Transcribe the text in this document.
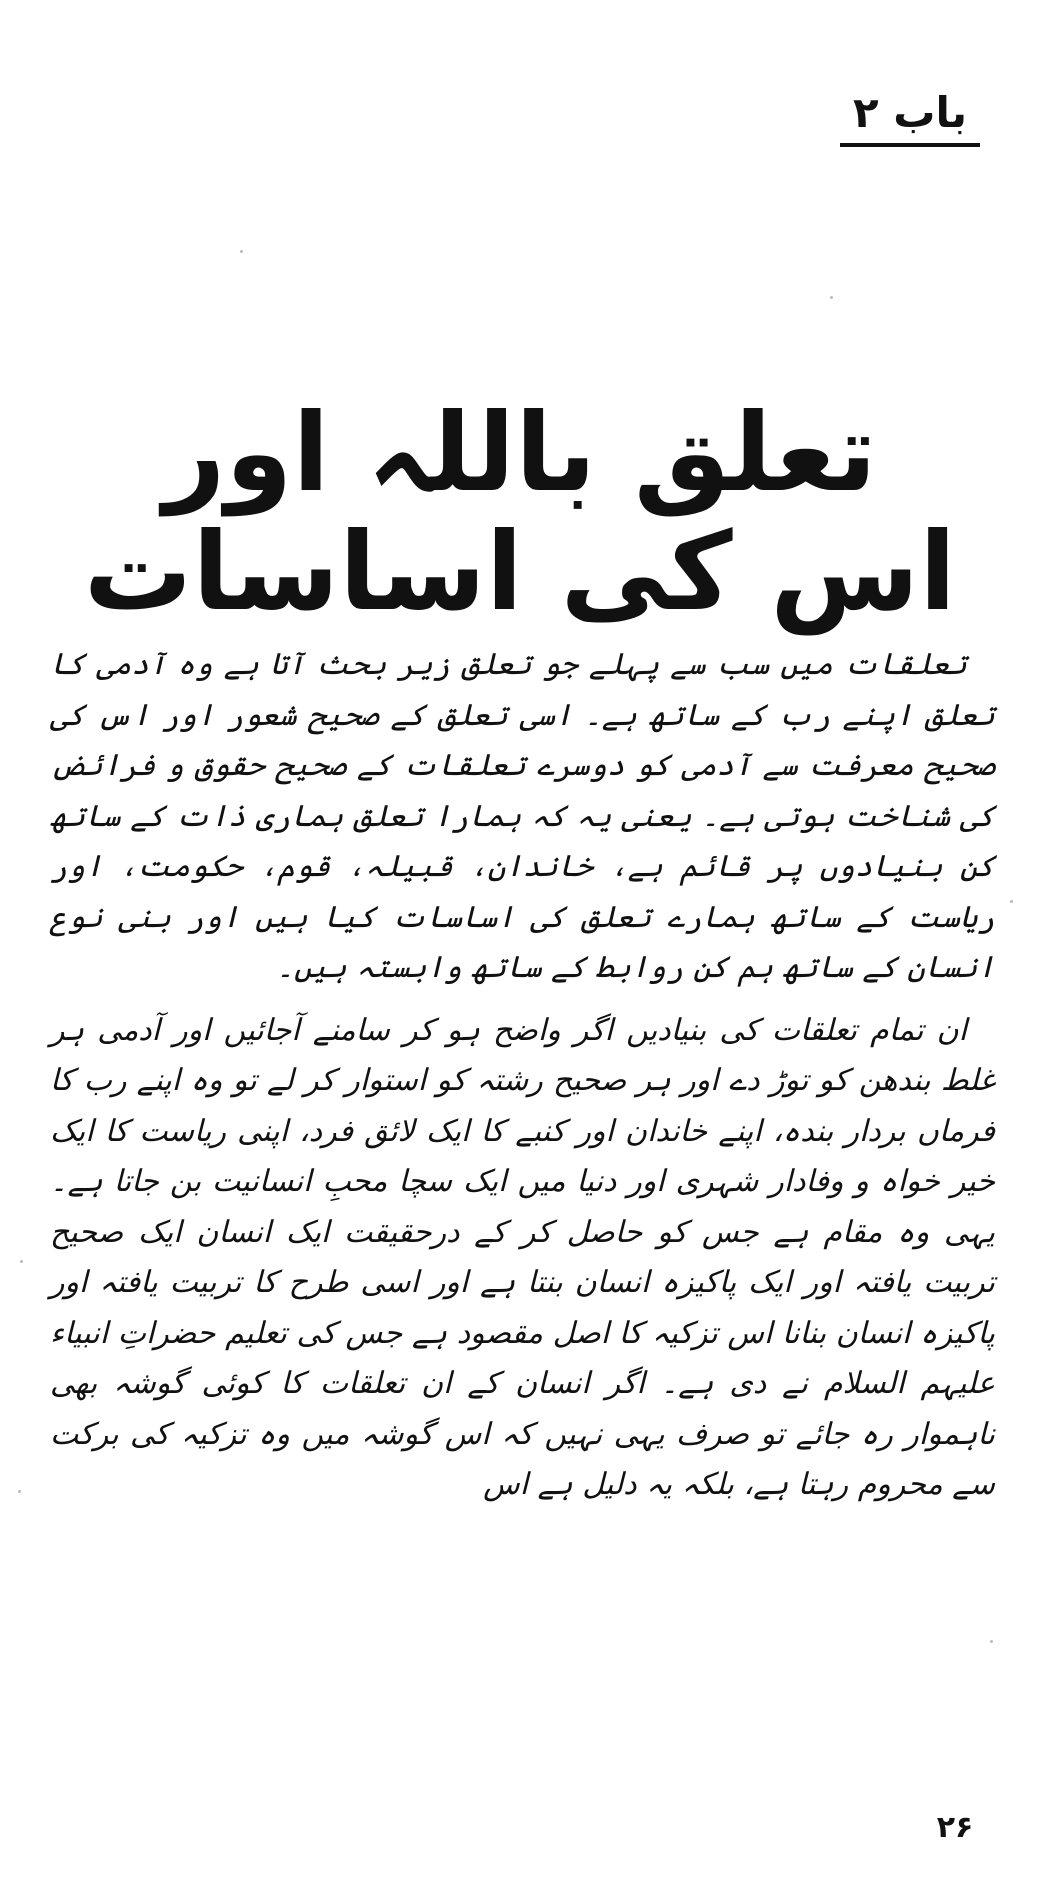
باب ۲
تعلق باللہ اور اس کی اساسات

تعلقات میں سب سے پہلے جو تعلق زیر بحث آتا ہے وہ آدمی کا تعلق اپنے رب کے ساتھ ہے۔ اسی تعلق کے صحیح شعور اور اس کی صحیح معرفت سے آدمی کو دوسرے تعلقات کے صحیح حقوق و فرائض کی شناخت ہوتی ہے۔ یعنی یہ کہ ہمارا تعلق ہماری ذات کے ساتھ کن بنیادوں پر قائم ہے، خاندان، قبیلہ، قوم، حکومت، اور ریاست کے ساتھ ہمارے تعلق کی اساسات کیا ہیں اور بنی نوع انسان کے ساتھ ہم کن روابط کے ساتھ وابستہ ہیں۔

ان تمام تعلقات کی بنیادیں اگر واضح ہو کر سامنے آجائیں اور آدمی ہر غلط بندھن کو توڑ دے اور ہر صحیح رشتہ کو استوار کر لے تو وہ اپنے رب کا فرماں بردار بندہ، اپنے خاندان اور کنبے کا ایک لائق فرد، اپنی ریاست کا ایک خیر خواہ و وفادار شہری اور دنیا میں ایک سچا محبِ انسانیت بن جاتا ہے۔ یہی وہ مقام ہے جس کو حاصل کر کے درحقیقت ایک انسان ایک صحیح تربیت یافتہ اور ایک پاکیزہ انسان بنتا ہے اور اسی طرح کا تربیت یافتہ اور پاکیزہ انسان بنانا اس تزکیہ کا اصل مقصود ہے جس کی تعلیم حضراتِ انبیاء علیہم السلام نے دی ہے۔ اگر انسان کے ان تعلقات کا کوئی گوشہ بھی ناہموار رہ جائے تو صرف یہی نہیں کہ اس گوشہ میں وہ تزکیہ کی برکت سے محروم رہتا ہے، بلکہ یہ دلیل ہے اس

۲۶
